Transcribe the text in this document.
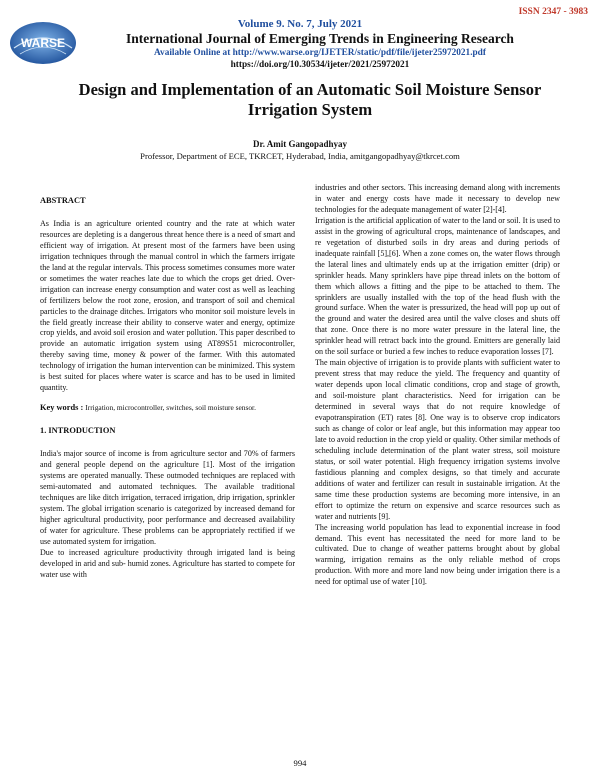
WARSE
ISSN 2347 - 3983
Volume 9. No. 7, July 2021
International Journal of Emerging Trends in Engineering Research
Available Online at http://www.warse.org/IJETER/static/pdf/file/ijeter25972021.pdf
https://doi.org/10.30534/ijeter/2021/25972021
Design and Implementation of an Automatic Soil Moisture Sensor Irrigation System
Dr. Amit Gangopadhyay
Professor, Department of ECE, TKRCET, Hyderabad, India, amitgangopadhyay@tkrcet.com

ABSTRACT

As India is an agriculture oriented country and the rate at which water resources are depleting is a dangerous threat hence there is a need of smart and efficient way of irrigation. At present most of the farmers have been using irrigation techniques through the manual control in which the farmers irrigate the land at the regular intervals. This process sometimes consumes more water or sometimes the water reaches late due to which the crops get dried. Over-irrigation can increase energy consumption and water cost as well as leaching of fertilizers below the root zone, erosion, and transport of soil and chemical particles to the drainage ditches. Irrigators who monitor soil moisture levels in the field greatly increase their ability to conserve water and energy, optimize crop yields, and avoid soil erosion and water pollution. This paper described to provide an automatic irrigation system using AT89S51 microcontroller, thereby saving time, money & power of the farmer. With this automated technology of irrigation the human intervention can be minimized. This system is best suited for places where water is scarce and has to be used in limited quantity.

Key words : Irrigation, microcontroller, switches, soil moisture sensor.

1. INTRODUCTION

India's major source of income is from agriculture sector and 70% of farmers and general people depend on the agriculture [1]. Most of the irrigation systems are operated manually. These outmoded techniques are replaced with semi-automated and automated techniques. The available traditional techniques are like ditch irrigation, terraced irrigation, drip irrigation, sprinkler system. The global irrigation scenario is categorized by increased demand for higher agricultural productivity, poor performance and decreased availability of water for agriculture. These problems can be appropriately rectified if we use automated system for irrigation.

Due to increased agriculture productivity through irrigated land is being developed in arid and sub- humid zones. Agriculture has started to compete for water use with

industries and other sectors. This increasing demand along with increments in water and energy costs have made it necessary to develop new technologies for the adequate management of water [2]-[4].

Irrigation is the artificial application of water to the land or soil. It is used to assist in the growing of agricultural crops, maintenance of landscapes, and re vegetation of disturbed soils in dry areas and during periods of inadequate rainfall [5],[6]. When a zone comes on, the water flows through the lateral lines and ultimately ends up at the irrigation emitter (drip) or sprinkler heads. Many sprinklers have pipe thread inlets on the bottom of them which allows a fitting and the pipe to be attached to them. The sprinklers are usually installed with the top of the head flush with the ground surface. When the water is pressurized, the head will pop up out of the ground and water the desired area until the valve closes and shuts off that zone. Once there is no more water pressure in the lateral line, the sprinkler head will retract back into the ground. Emitters are generally laid on the soil surface or buried a few inches to reduce evaporation losses [7].

The main objective of irrigation is to provide plants with sufficient water to prevent stress that may reduce the yield. The frequency and quantity of water depends upon local climatic conditions, crop and stage of growth, and soil-moisture plant characteristics. Need for irrigation can be determined in several ways that do not require knowledge of evapotranspiration (ET) rates [8]. One way is to observe crop indicators such as change of color or leaf angle, but this information may appear too late to avoid reduction in the crop yield or quality. Other similar methods of scheduling include determination of the plant water stress, soil moisture status, or soil water potential. High frequency irrigation systems involve fastidious planning and complex designs, so that timely and accurate additions of water and fertilizer can result in sustainable irrigation. At the same time these production systems are becoming more intensive, in an effort to optimize the return on expensive and scarce resources such as water and nutrients [9].

The increasing world population has lead to exponential increase in food demand. This event has necessitated the need for more land to be cultivated. Due to change of weather patterns brought about by global warming, irrigation remains as the only reliable method of crops production. With more and more land now being under irrigation there is a need for optimal use of water [10].

994
